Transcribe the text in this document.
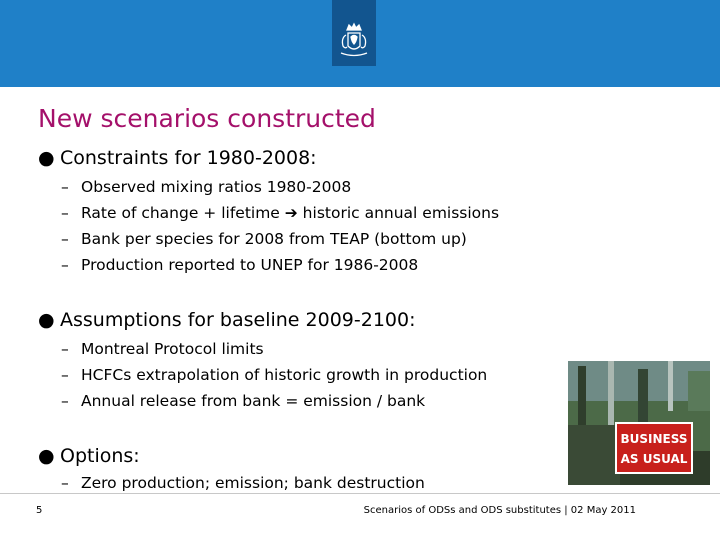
New scenarios constructed
● Constraints for 1980-2008:
– Observed mixing ratios 1980-2008
– Rate of change + lifetime ➔ historic annual emissions
– Bank per species for 2008 from TEAP (bottom up)
– Production reported to UNEP for 1986-2008
● Assumptions for baseline 2009-2100:
– Montreal Protocol limits
– HCFCs extrapolation of historic growth in production
– Annual release from bank = emission / bank
● Options:
– Zero production; emission; bank destruction
BUSINESS
AS USUAL
5	Scenarios of ODSs and ODS substitutes | 02 May 2011
